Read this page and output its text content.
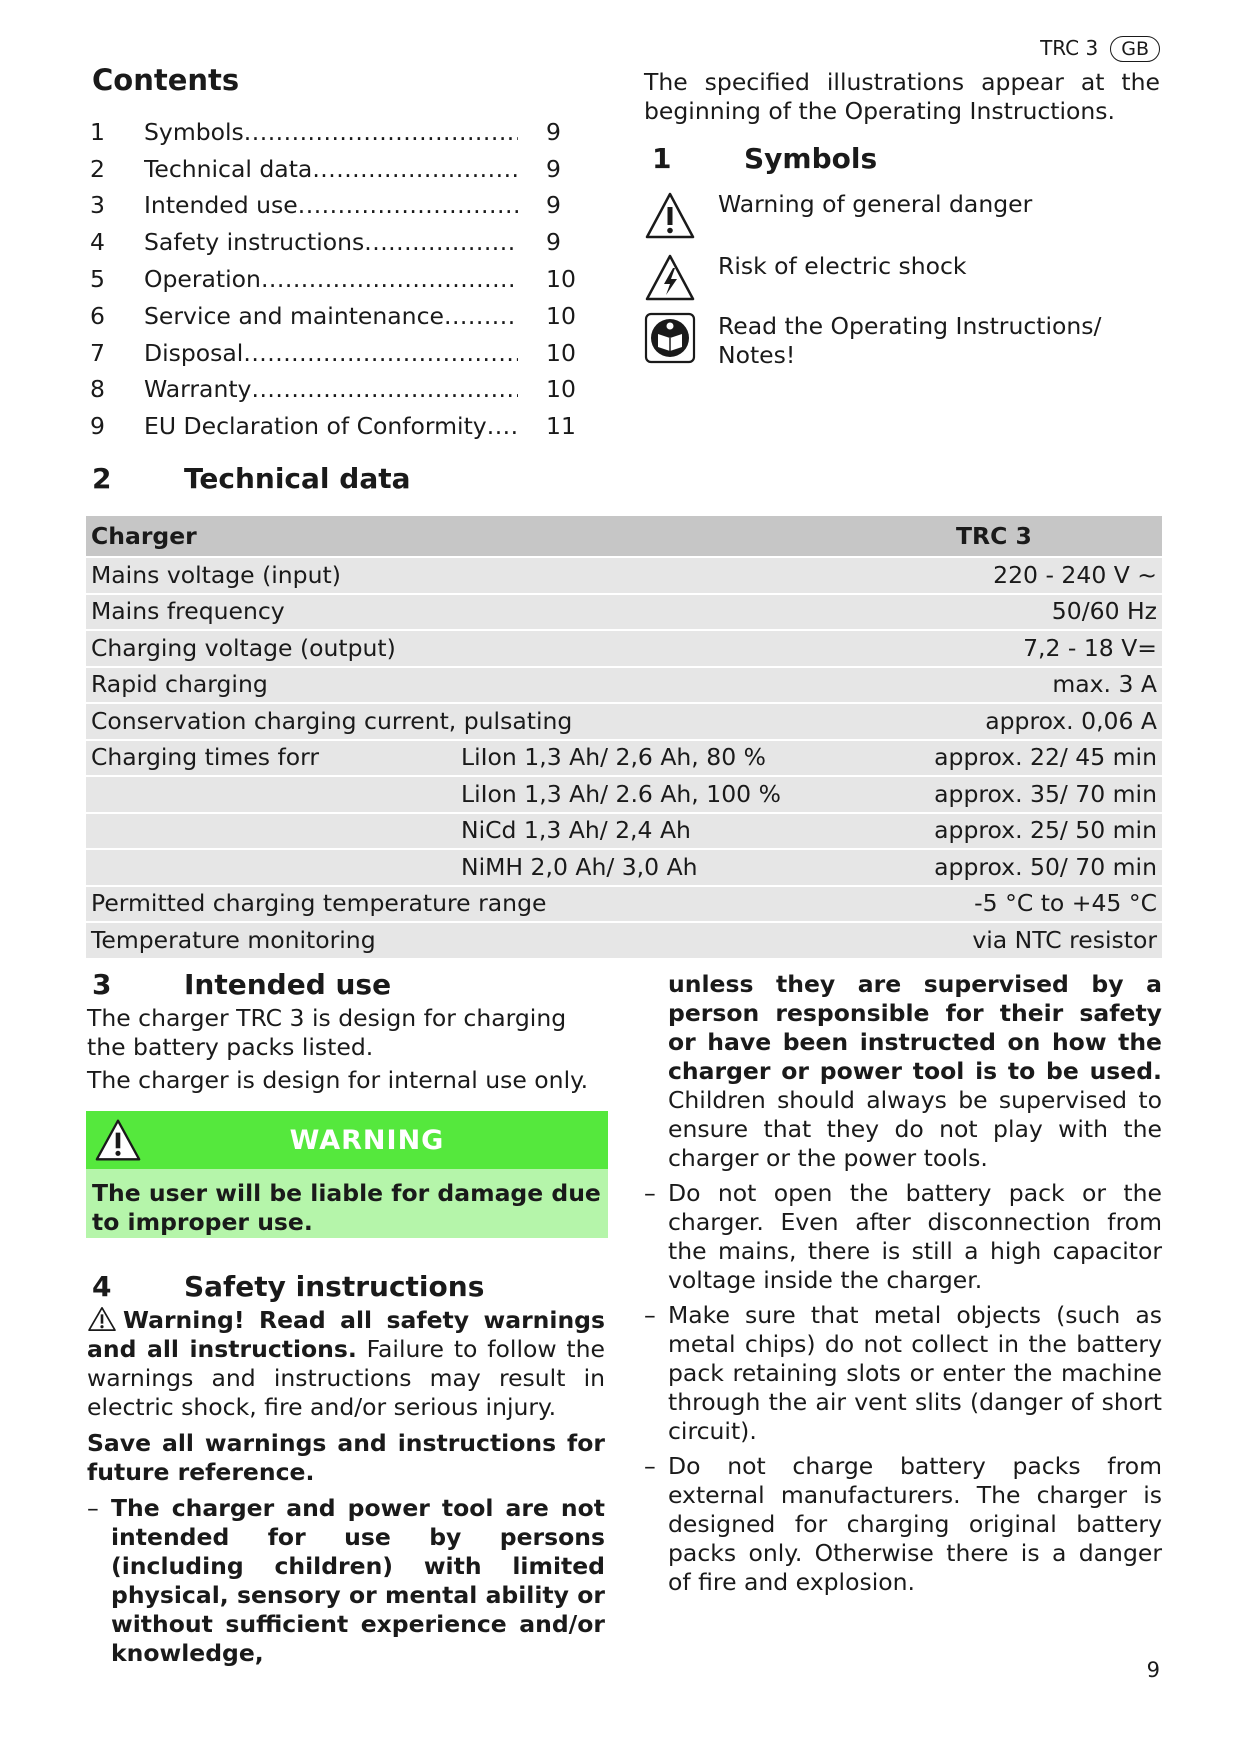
TRC 3	GB
Contents
1	Symbols .....	9
2	Technical data .....	9
3	Intended use .....	9
4	Safety instructions .....	9
5	Operation .....	10
6	Service and maintenance .....	10
7	Disposal .....	10
8	Warranty .....	10
9	EU Declaration of Conformity .....	11
The specified illustrations appear at the beginning of the Operating Instructions.
1	Symbols
Warning of general danger
Risk of electric shock
Read the Operating Instructions/ Notes!
2	Technical data
Charger		TRC 3
Mains voltage (input)		220 - 240 V ~
Mains frequency		50/60 Hz
Charging voltage (output)		7,2 - 18 V=
Rapid charging		max. 3 A
Conservation charging current, pulsating		approx. 0,06 A
Charging times forr	LiIon 1,3 Ah/ 2,6 Ah, 80 %	approx. 22/ 45 min
	LiIon 1,3 Ah/ 2.6 Ah, 100 %	approx. 35/ 70 min
	NiCd 1,3 Ah/ 2,4 Ah	approx. 25/ 50 min
	NiMH 2,0 Ah/ 3,0 Ah	approx. 50/ 70 min
Permitted charging temperature range		-5 °C to +45 °C
Temperature monitoring		via NTC resistor
3	Intended use
The charger TRC 3 is design for charging the battery packs listed.
The charger is design for internal use only.
WARNING
The user will be liable for damage due to improper use.
4	Safety instructions

Warning! Read all safety warnings and all instructions. Failure to follow the warnings and instructions may result in electric shock, fire and/or serious injury.

Save all warnings and instructions for future reference.

– The charger and power tool are not intended for use by persons (including children) with limited physical, sensory or mental ability or without sufficient experience and/or knowledge,
unless they are supervised by a person responsible for their safety or have been instructed on how the charger or power tool is to be used. Children should always be supervised to ensure that they do not play with the charger or the power tools.
– Do not open the battery pack or the charger. Even after disconnection from the mains, there is still a high capacitor voltage inside the charger.
– Make sure that metal objects (such as metal chips) do not collect in the battery pack retaining slots or enter the machine through the air vent slits (danger of short circuit).
– Do not charge battery packs from external manufacturers. The charger is designed for charging original battery packs only. Otherwise there is a danger of fire and explosion.
9
